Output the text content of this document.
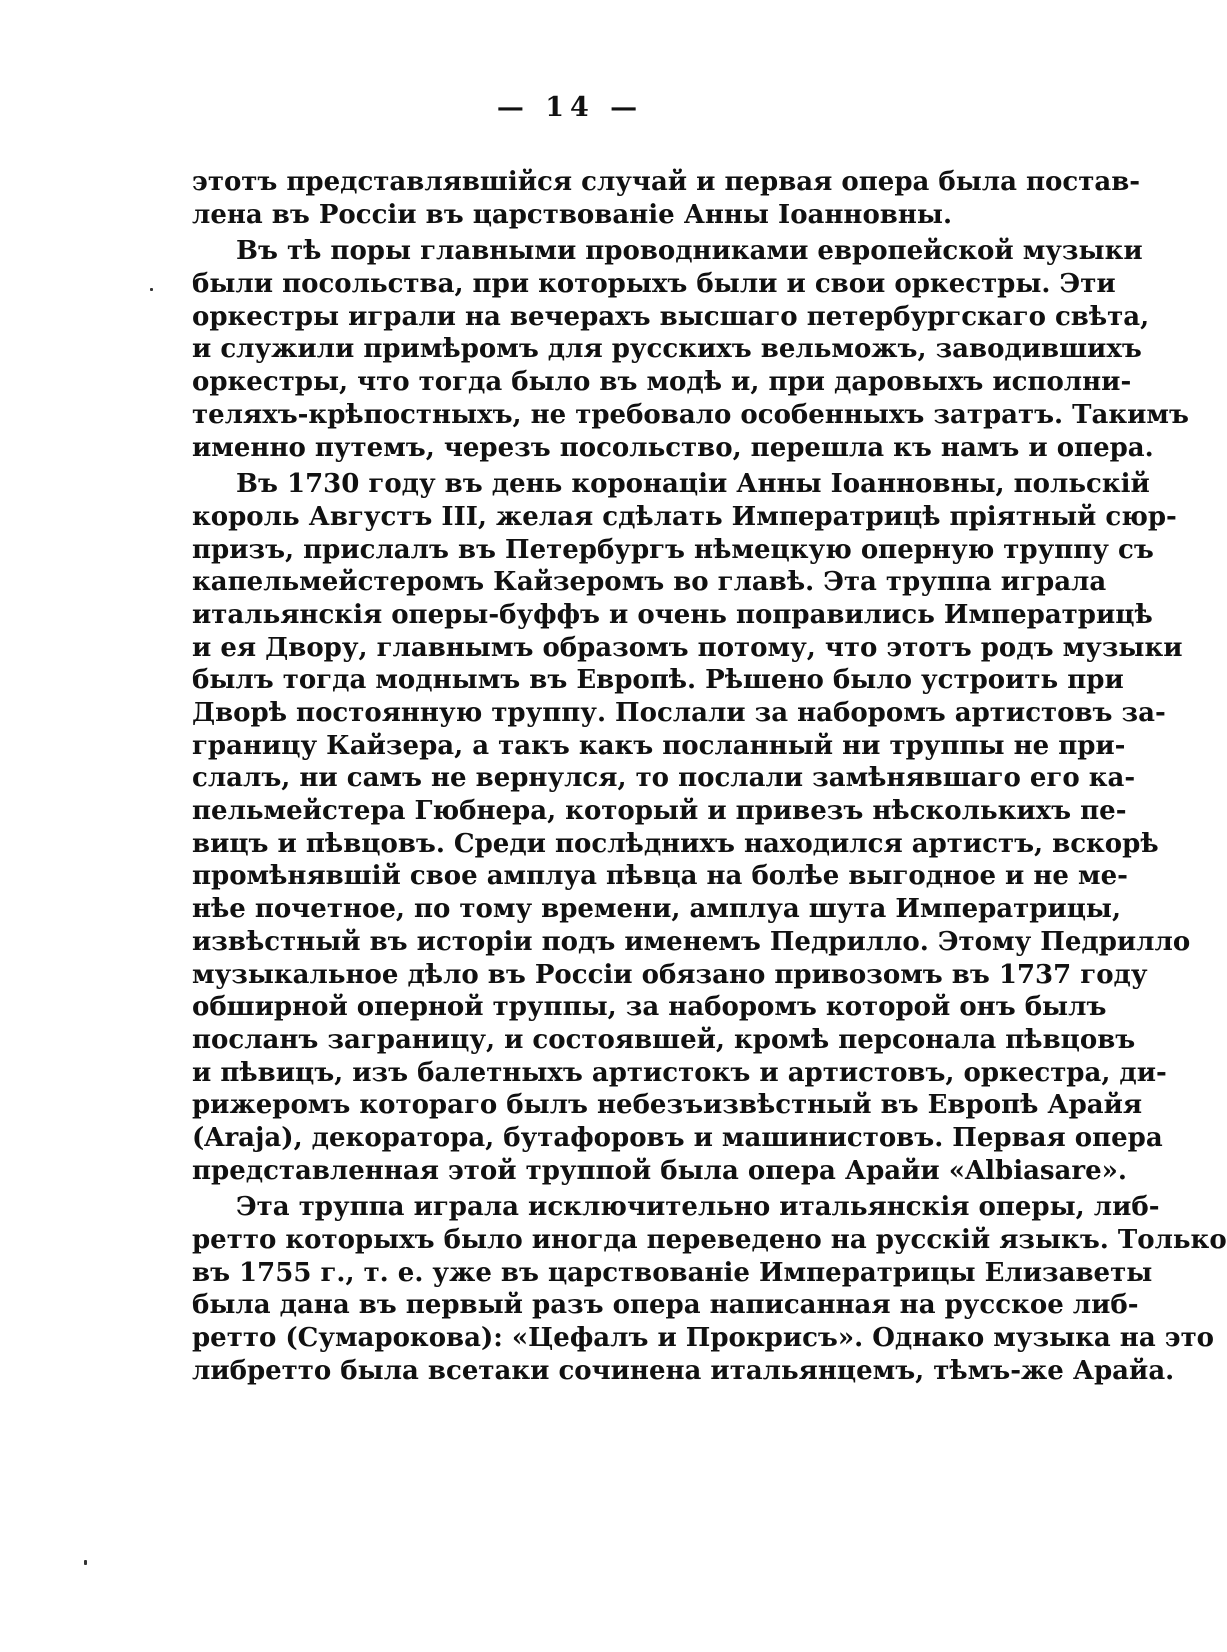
— 14 —
этотъ представлявшійся случай и первая опера была постав-
лена въ Россіи въ царствованіе Анны Іоанновны.
Въ тѣ поры главными проводниками европейской музыки
были посольства, при которыхъ были и свои оркестры. Эти
оркестры играли на вечерахъ высшаго петербургскаго свѣта,
и служили примѣромъ для русскихъ вельможъ, заводившихъ
оркестры, что тогда было въ модѣ и, при даровыхъ исполни-
теляхъ-крѣпостныхъ, не требовало особенныхъ затратъ. Такимъ
именно путемъ, черезъ посольство, перешла къ намъ и опера.
Въ 1730 году въ день коронаціи Анны Іоанновны, польскій
король Августъ III, желая сдѣлать Императрицѣ пріятный сюр-
призъ, прислалъ въ Петербургъ нѣмецкую оперную труппу съ
капельмейстеромъ Кайзеромъ во главѣ. Эта труппа играла
итальянскія оперы-буффъ и очень поправились Императрицѣ
и ея Двору, главнымъ образомъ потому, что этотъ родъ музыки
былъ тогда моднымъ въ Европѣ. Рѣшено было устроить при
Дворѣ постоянную труппу. Послали за наборомъ артистовъ за-
границу Кайзера, а такъ какъ посланный ни труппы не при-
слалъ, ни самъ не вернулся, то послали замѣнявшаго его ка-
пельмейстера Гюбнера, который и привезъ нѣсколькихъ пе-
вицъ и пѣвцовъ. Среди послѣднихъ находился артистъ, вскорѣ
промѣнявшій свое амплуа пѣвца на болѣе выгодное и не ме-
нѣе почетное, по тому времени, амплуа шута Императрицы,
извѣстный въ исторіи подъ именемъ Педрилло. Этому Педрилло
музыкальное дѣло въ Россіи обязано привозомъ въ 1737 году
обширной оперной труппы, за наборомъ которой онъ былъ
посланъ заграницу, и состоявшей, кромѣ персонала пѣвцовъ
и пѣвицъ, изъ балетныхъ артистокъ и артистовъ, оркестра, ди-
рижеромъ котораго былъ небезъизвѣстный въ Европѣ Арайя
(Araja), декоратора, бутафоровъ и машинистовъ. Первая опера
представленная этой труппой была опера Арайи «Albiasare».
Эта труппа играла исключительно итальянскія оперы, либ-
ретто которыхъ было иногда переведено на русскій языкъ. Только
въ 1755 г., т. е. уже въ царствованіе Императрицы Елизаветы
была дана въ первый разъ опера написанная на русское либ-
ретто (Сумарокова): «Цефалъ и Прокрисъ». Однако музыка на это
либретто была всетаки сочинена итальянцемъ, тѣмъ-же Арайа.
